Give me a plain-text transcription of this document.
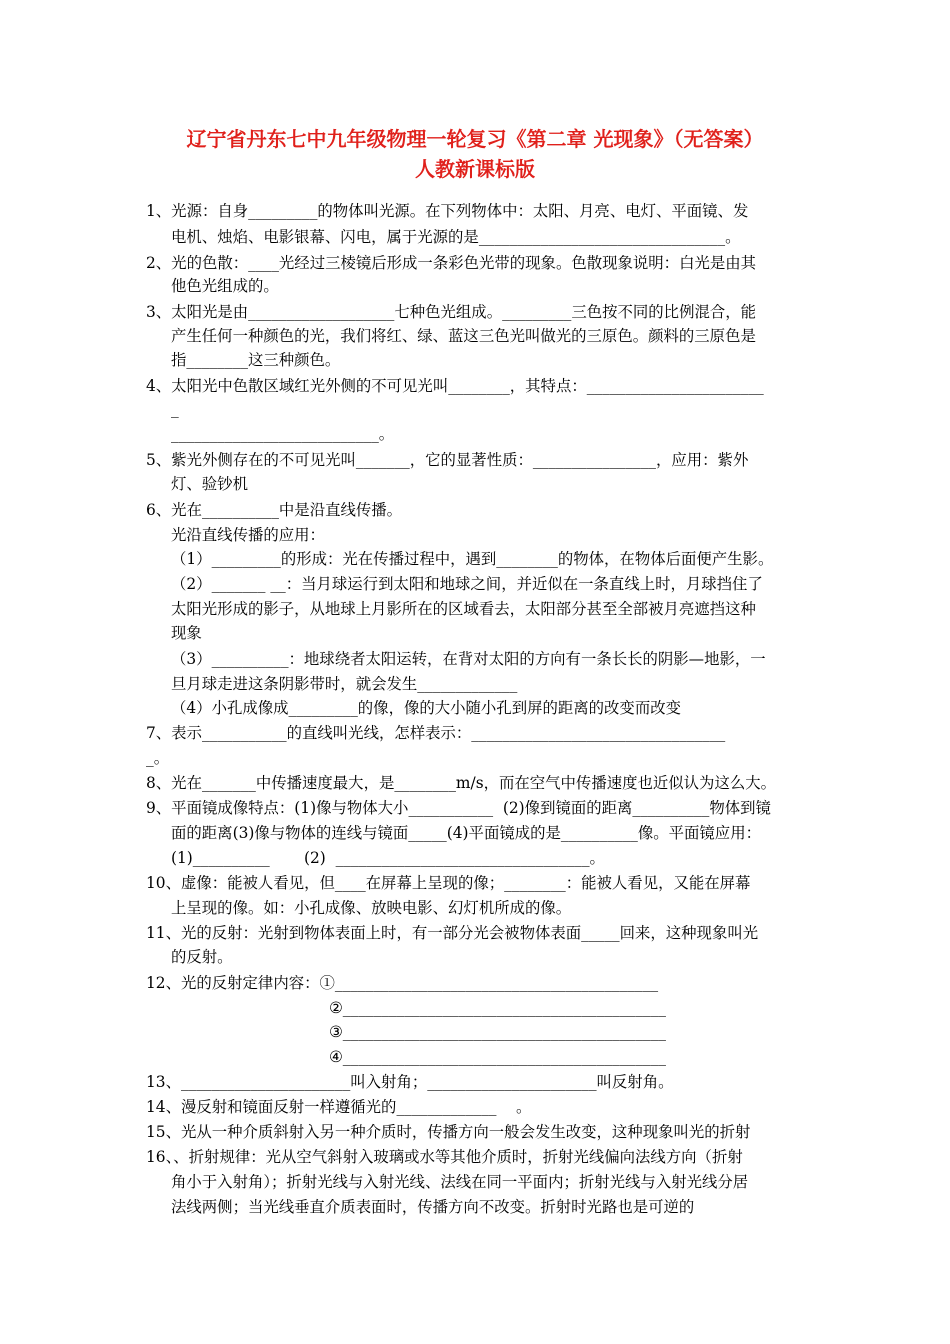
辽宁省丹东七中九年级物理一轮复习《第二章 光现象》（无答案）
人教新课标版
1、光源：自身_________的物体叫光源。在下列物体中：太阳、月亮、电灯、平面镜、发
电机、烛焰、电影银幕、闪电，属于光源的是________________________________。
2、光的色散：____光经过三棱镜后形成一条彩色光带的现象。色散现象说明：白光是由其
他色光组成的。
3、太阳光是由___________________七种色光组成。_________三色按不同的比例混合，能
产生任何一种颜色的光，我们将红、绿、蓝这三色光叫做光的三原色。颜料的三原色是
指________这三种颜色。
4、太阳光中色散区域红光外侧的不可见光叫________，其特点：_______________________
_
___________________________。
5、紫光外侧存在的不可见光叫_______，它的显著性质：________________，应用：紫外
灯、验钞机
6、光在__________中是沿直线传播。
光沿直线传播的应用：
（1）_________的形成：光在传播过程中，遇到________的物体，在物体后面便产生影。
（2）_______ __：当月球运行到太阳和地球之间，并近似在一条直线上时，月球挡住了
太阳光形成的影子，从地球上月影所在的区域看去，太阳部分甚至全部被月亮遮挡这种
现象
（3）__________：地球绕者太阳运转，在背对太阳的方向有一条长长的阴影—地影，一
旦月球走进这条阴影带时，就会发生_____________
（4）小孔成像成_________的像，像的大小随小孔到屏的距离的改变而改变
7、表示___________的直线叫光线，怎样表示：_________________________________
_。
8、光在_______中传播速度最大，是________m/s，而在空气中传播速度也近似认为这么大。
9、平面镜成像特点：(1)像与物体大小___________  (2)像到镜面的距离__________物体到镜
面的距离(3)像与物体的连线与镜面_____(4)平面镜成的是__________像。平面镜应用：
(1)__________       (2)  _________________________________。
10、虚像：能被人看见，但____在屏幕上呈现的像；________：能被人看见，又能在屏幕
上呈现的像。如：小孔成像、放映电影、幻灯机所成的像。
11、光的反射：光射到物体表面上时，有一部分光会被物体表面_____回来，这种现象叫光
的反射。
12、光的反射定律内容：①__________________________________________
②__________________________________________
③__________________________________________
④__________________________________________
13、______________________叫入射角；______________________叫反射角。
14、漫反射和镜面反射一样遵循光的_____________    。
15、光从一种介质斜射入另一种介质时，传播方向一般会发生改变，这种现象叫光的折射
16、、折射规律：光从空气斜射入玻璃或水等其他介质时，折射光线偏向法线方向（折射
角小于入射角）；折射光线与入射光线、法线在同一平面内；折射光线与入射光线分居
法线两侧；当光线垂直介质表面时，传播方向不改变。折射时光路也是可逆的
